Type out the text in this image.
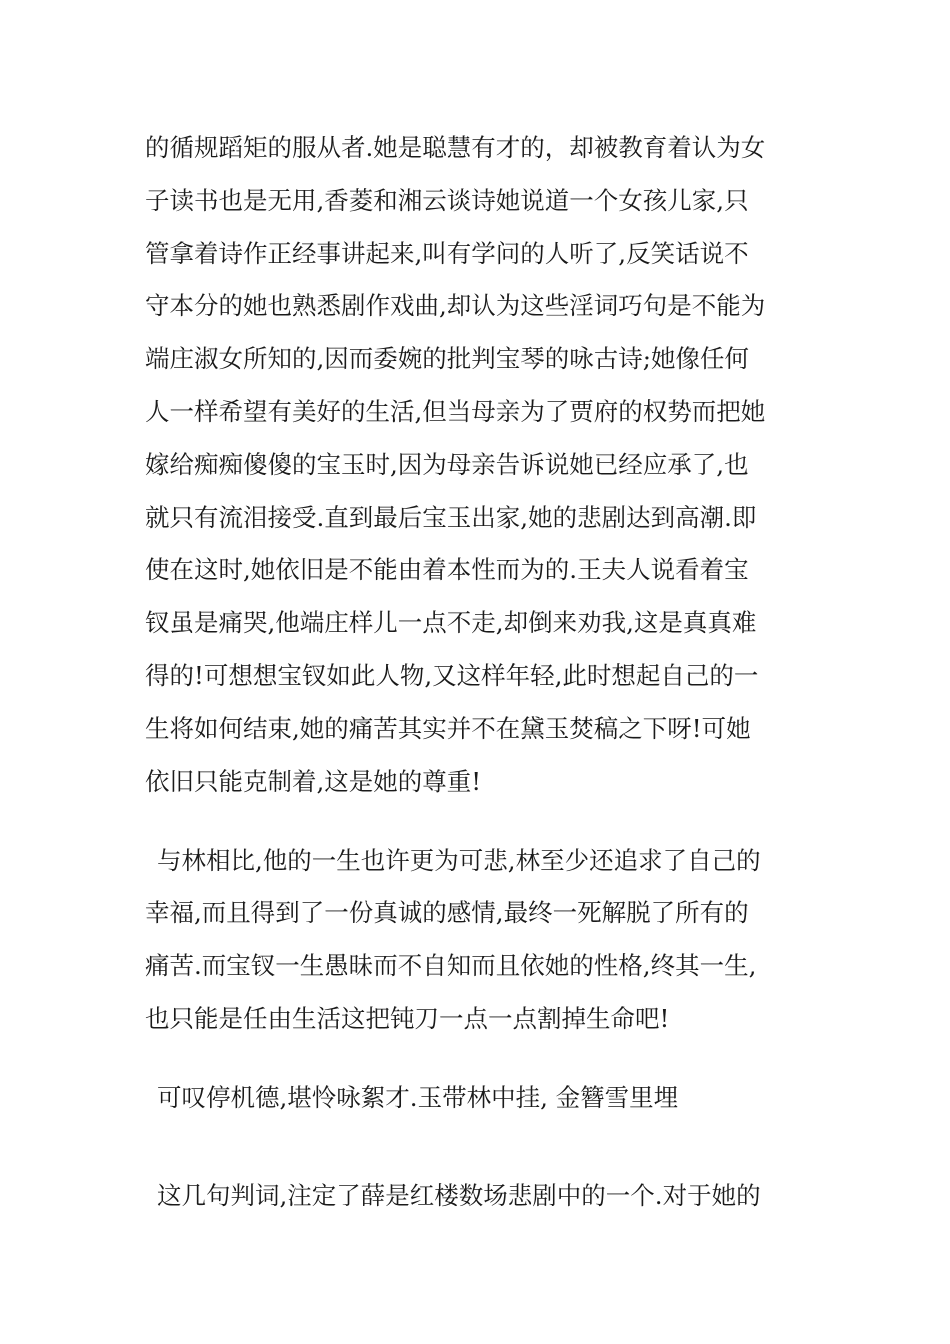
的循规蹈矩的服从者.她是聪慧有才的，却被教育着认为女
子读书也是无用,香菱和湘云谈诗她说道一个女孩儿家,只
管拿着诗作正经事讲起来,叫有学问的人听了,反笑话说不
守本分的她也熟悉剧作戏曲,却认为这些淫词巧句是不能为
端庄淑女所知的,因而委婉的批判宝琴的咏古诗;她像任何
人一样希望有美好的生活,但当母亲为了贾府的权势而把她
嫁给痴痴傻傻的宝玉时,因为母亲告诉说她已经应承了,也
就只有流泪接受.直到最后宝玉出家,她的悲剧达到高潮.即
使在这时,她依旧是不能由着本性而为的.王夫人说看着宝
钗虽是痛哭,他端庄样儿一点不走,却倒来劝我,这是真真难
得的!可想想宝钗如此人物,又这样年轻,此时想起自己的一
生将如何结束,她的痛苦其实并不在黛玉焚稿之下呀!可她
依旧只能克制着,这是她的尊重!
与林相比,他的一生也许更为可悲,林至少还追求了自己的
幸福,而且得到了一份真诚的感情,最终一死解脱了所有的
痛苦.而宝钗一生愚昧而不自知而且依她的性格,终其一生,
也只能是任由生活这把钝刀一点一点割掉生命吧!
可叹停机德,堪怜咏絮才.玉带林中挂, 金簪雪里埋
这几句判词,注定了薛是红楼数场悲剧中的一个.对于她的
